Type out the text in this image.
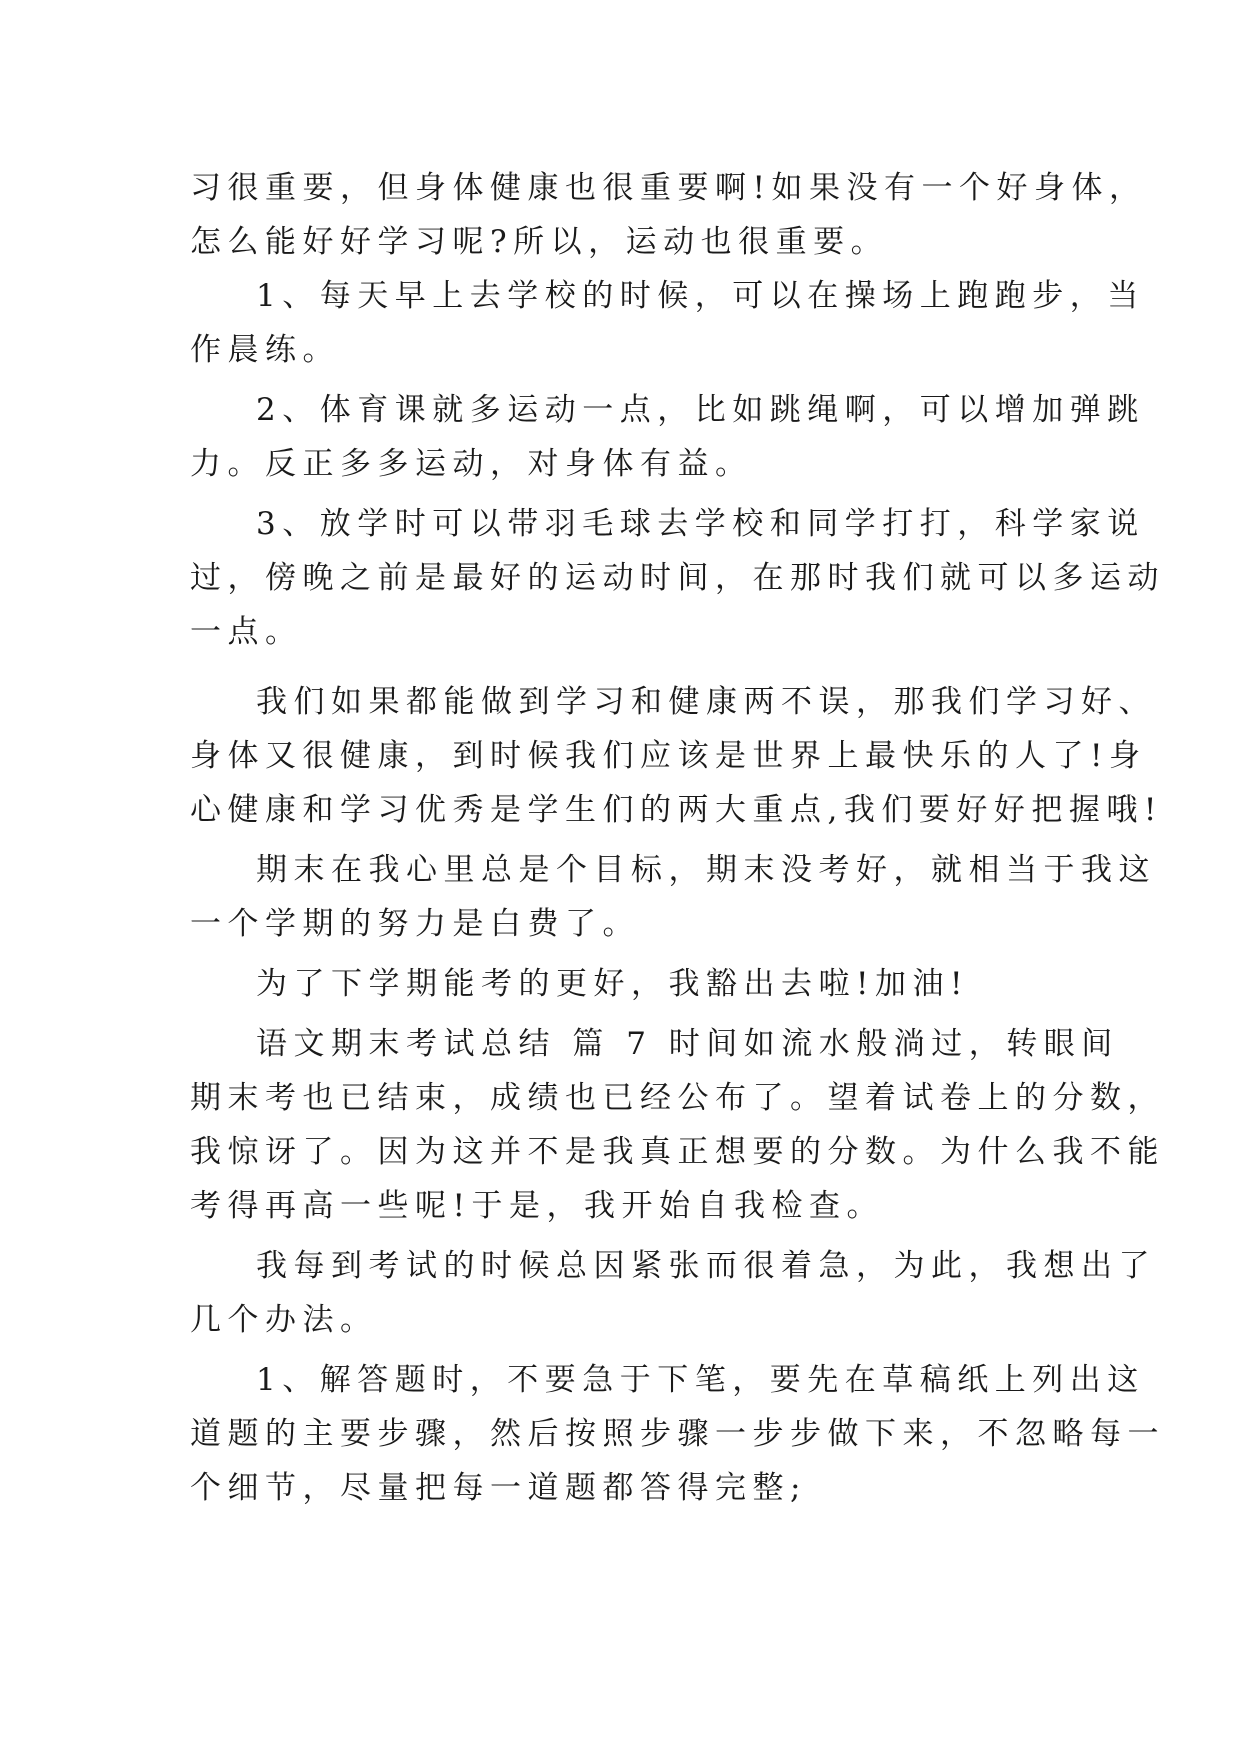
习很重要，但身体健康也很重要啊!如果没有一个好身体，
怎么能好好学习呢?所以，运动也很重要。
1、每天早上去学校的时候，可以在操场上跑跑步，当
作晨练。
2、体育课就多运动一点，比如跳绳啊，可以增加弹跳
力。反正多多运动，对身体有益。
3、放学时可以带羽毛球去学校和同学打打，科学家说
过，傍晚之前是最好的运动时间，在那时我们就可以多运动
一点。
我们如果都能做到学习和健康两不误，那我们学习好、
身体又很健康，到时候我们应该是世界上最快乐的人了!身
心健康和学习优秀是学生们的两大重点,我们要好好把握哦!
期末在我心里总是个目标，期末没考好，就相当于我这
一个学期的努力是白费了。
为了下学期能考的更好，我豁出去啦!加油!
语文期末考试总结 篇 7 时间如流水般淌过，转眼间
期末考也已结束，成绩也已经公布了。望着试卷上的分数，
我惊讶了。因为这并不是我真正想要的分数。为什么我不能
考得再高一些呢!于是，我开始自我检查。
我每到考试的时候总因紧张而很着急，为此，我想出了
几个办法。
1、解答题时，不要急于下笔，要先在草稿纸上列出这
道题的主要步骤，然后按照步骤一步步做下来，不忽略每一
个细节，尽量把每一道题都答得完整;
